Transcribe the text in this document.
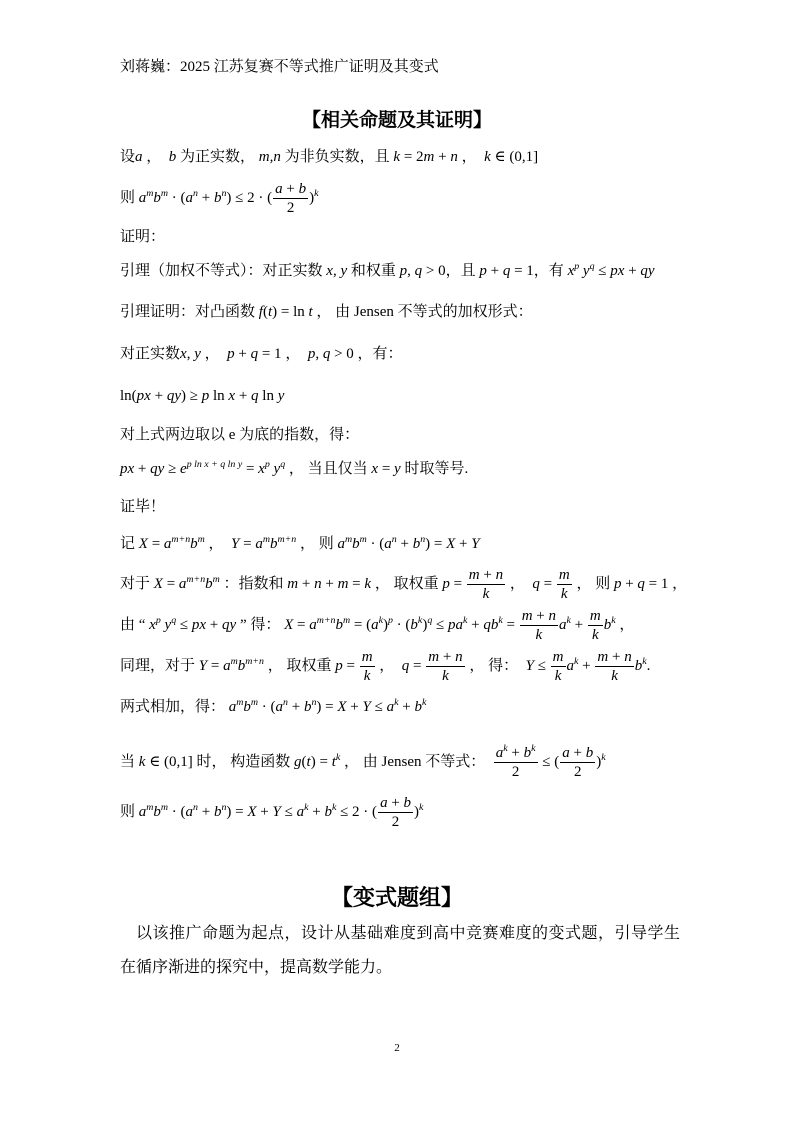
刘蒋巍：2025 江苏复赛不等式推广证明及其变式
【相关命题及其证明】
设a ，  b 为正实数， m,n 为非负实数，且 k = 2m + n ，  k ∈ (0,1]
则 $a^mb^m \cdot (a^n + b^n) \le 2$ · ( $\frac{a + b}{2} )^k$
证明：
引理（加权不等式）：对正实数 x, y 和权重 p, q > 0，且 p + q = 1，有 $x^p$ $y^q$ ≤ px + qy
引理证明：对凸函数 f(t) = ln t ， 由 Jensen 不等式的加权形式：
对正实数x, y ，  p + q = 1 ，  p, q > 0 ，有：
ln(px + qy) ≥ p ln x + q ln y
对上式两边取以 e 为底的指数，得：
px + qy ≥ $e^{p ln x + q ln y} = x^p$ $y^q$ ， 当且仅当 x = y 时取等号.
证毕！
记 $X = a^{m+n}b^m$ ，  $Y = a^mb^{m+n}$ ， 则 $a^mb^m \cdot (a^n + b^n) = X + Y$
对于 $X = a^{m+n}b^m$ ：指数和 m + n + m = k ， 取权重 $p = \frac{m + n}{k}$ ，  $q = \frac{m}{k}$ ， 则 p + q = 1 ，
由 “ $x^p$ $y^q$ ≤ px + qy ” 得： $X = a^{m+n}b^m = (a^k)^p \cdot (b^k)^q \le pa^k + qb^k = \frac{m + n}{k} a^k + \frac{m}{k} b^k$ ，
同理，对于 $Y = a^mb^{m+n}$ ， 取权重 $p = \frac{m}{k}$ ，  $q = \frac{m + n}{k}$ ， 得：  $Y \le \frac{m}{k} a^k + \frac{m + n}{k} b^k$.
两式相加，得： $a^mb^m \cdot (a^n + b^n) = X + Y \le a^k + b^k$
当 k ∈ (0,1] 时， 构造函数 $g(t) = t^k$ ， 由 Jensen 不等式： $\frac{a^k + b^k}{2}$ ≤ ( $\frac{a + b}{2} )^k$
则 $a^mb^m \cdot (a^n + b^n) = X + Y \le a^k + b^k \le 2$ · ( $\frac{a + b}{2} )^k$
【变式题组】
以该推广命题为起点，设计从基础难度到高中竞赛难度的变式题，引导学生
在循序渐进的探究中，提高数学能力。
2
